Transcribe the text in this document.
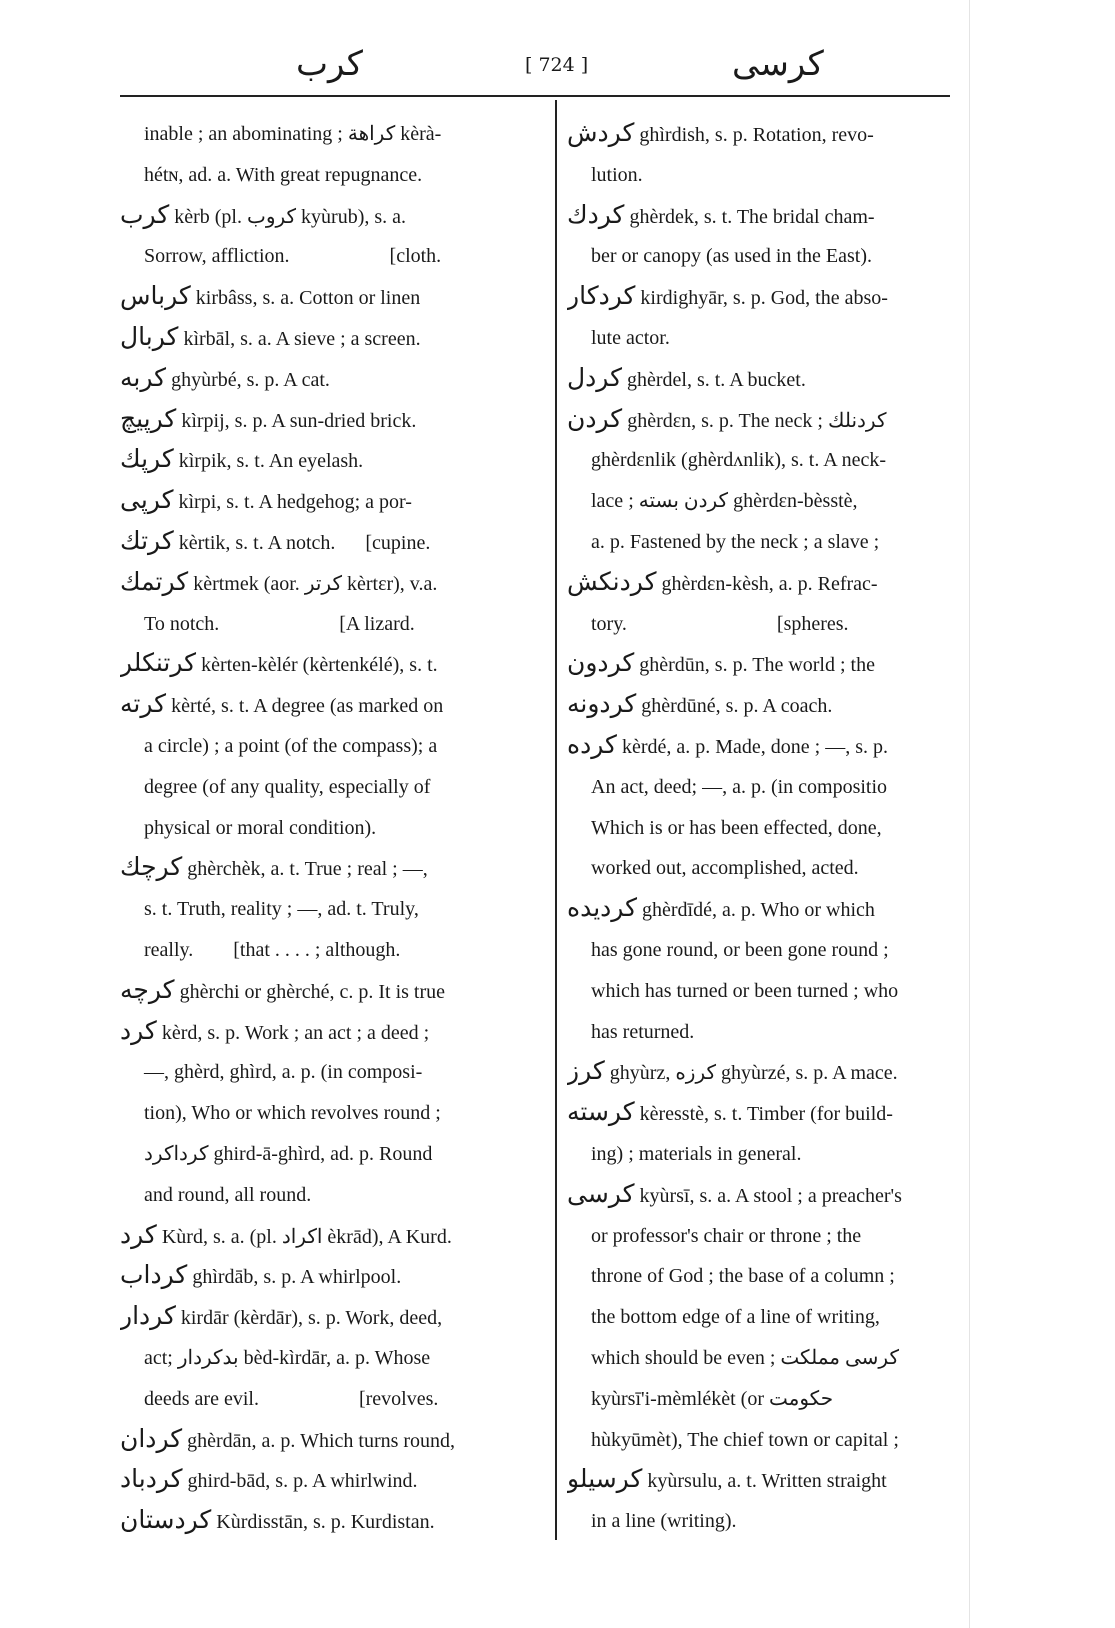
کرب	[ 724 ]	کرسی
inable ; an abominating ; کراهة kèrà-
hétɴ, ad. a. With great repugnance.
کرب kèrb (pl. کروب kyùrub), s. a.
Sorrow, affliction.                    [cloth.
کرباس kirbâss, s. a. Cotton or linen
کربال kìrbāl, s. a. A sieve ; a screen.
کربه ghyùrbé, s. p. A cat.
کرپیچ kìrpij, s. p. A sun-dried brick.
کرپك kìrpik, s. t. An eyelash.
کرپی kìrpi, s. t. A hedgehog; a por-
کرتك kèrtik, s. t. A notch.      [cupine.
کرتمك kèrtmek (aor. کرتر kèrtɛr), v.a.
To notch.                        [A lizard.
کرتنکلر kèrten-kèlér (kèrtenkélé), s. t.
کرته kèrté, s. t. A degree (as marked on
a circle) ; a point (of the compass); a
degree (of any quality, especially of
physical or moral condition).
کرچك ghèrchèk, a. t. True ; real ; —,
s. t. Truth, reality ; —, ad. t. Truly,
really.        [that . . . . ; although.
کرچه ghèrchi or ghèrché, c. p. It is true
کرد kèrd, s. p. Work ; an act ; a deed ;
—, ghèrd, ghìrd, a. p. (in composi-
tion), Who or which revolves round ;
کرداکرد ghird-ā-ghìrd, ad. p. Round
and round, all round.
کرد Kùrd, s. a. (pl. اکراد èkrād), A Kurd.
کرداب ghìrdāb, s. p. A whirlpool.
کردار kirdār (kèrdār), s. p. Work, deed,
act; بدکردار bèd-kìrdār, a. p. Whose
deeds are evil.                    [revolves.
کردان ghèrdān, a. p. Which turns round,
کردباد ghird-bād, s. p. A whirlwind.
کردستان Kùrdisstān, s. p. Kurdistan.
کردش ghìrdish, s. p. Rotation, revo-
lution.
کردك ghèrdek, s. t. The bridal cham-
ber or canopy (as used in the East).
کردکار kirdighyār, s. p. God, the abso-
lute actor.
کردل ghèrdel, s. t. A bucket.
کردن ghèrdɛn, s. p. The neck ; کردنلك
ghèrdɛnlik (ghèrdʌnlik), s. t. A neck-
lace ; کردن بسته ghèrdɛn-bèsstè,
a. p. Fastened by the neck ; a slave ;
کردنکش ghèrdɛn-kèsh, a. p. Refrac-
tory.                              [spheres.
کردون ghèrdūn, s. p. The world ; the
کردونه ghèrdūné, s. p. A coach.
کرده kèrdé, a. p. Made, done ; —, s. p.
An act, deed; —, a. p. (in compositio
Which is or has been effected, done,
worked out, accomplished, acted.
کردیده ghèrdīdé, a. p. Who or which
has gone round, or been gone round ;
which has turned or been turned ; who
has returned.
کرز ghyùrz, کرزه ghyùrzé, s. p. A mace.
کرسته kèresstè, s. t. Timber (for build-
ing) ; materials in general.
کرسی kyùrsī, s. a. A stool ; a preacher's
or professor's chair or throne ; the
throne of God ; the base of a column ;
the bottom edge of a line of writing,
which should be even ; کرسی مملکت
kyùrsī'i-mèmlékèt (or حکومت
hùkyūmèt), The chief town or capital ;
کرسیلو kyùrsulu, a. t. Written straight
in a line (writing).
